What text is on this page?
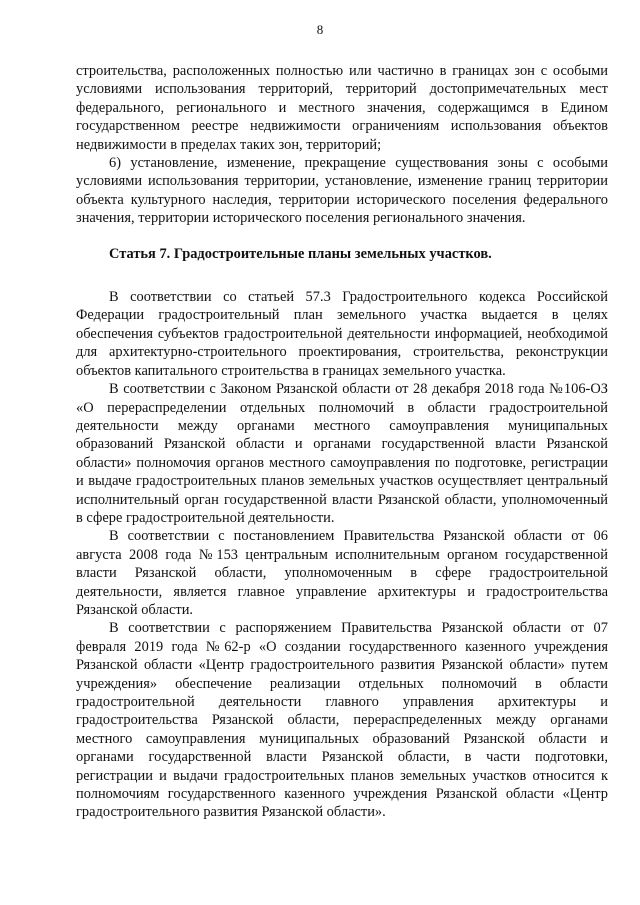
8

строительства, расположенных полностью или частично в границах зон с особыми условиями использования территорий, территорий достопримечательных мест федерального, регионального и местного значения, содержащимся в Едином государственном реестре недвижимости ограничениям использования объектов недвижимости в пределах таких зон, территорий;

6) установление, изменение, прекращение существования зоны с особыми условиями использования территории, установление, изменение границ территории объекта культурного наследия, территории исторического поселения федерального значения, территории исторического поселения регионального значения.

Статья 7. Градостроительные планы земельных участков.

В соответствии со статьей 57.3 Градостроительного кодекса Российской Федерации градостроительный план земельного участка выдается в целях обеспечения субъектов градостроительной деятельности информацией, необходимой для архитектурно-строительного проектирования, строительства, реконструкции объектов капитального строительства в границах земельного участка.

В соответствии с Законом Рязанской области от 28 декабря 2018 года №106-ОЗ «О перераспределении отдельных полномочий в области градостроительной деятельности между органами местного самоуправления муниципальных образований Рязанской области и органами государственной власти Рязанской области» полномочия органов местного самоуправления по подготовке, регистрации и выдаче градостроительных планов земельных участков осуществляет центральный исполнительный орган государственной власти Рязанской области, уполномоченный в сфере градостроительной деятельности.

В соответствии с постановлением Правительства Рязанской области от 06 августа 2008 года №153 центральным исполнительным органом государственной власти Рязанской области, уполномоченным в сфере градостроительной деятельности, является главное управление архитектуры и градостроительства Рязанской области.

В соответствии с распоряжением Правительства Рязанской области от 07 февраля 2019 года №62-р «О создании государственного казенного учреждения Рязанской области «Центр градостроительного развития Рязанской области» путем учреждения» обеспечение реализации отдельных полномочий в области градостроительной деятельности главного управления архитектуры и градостроительства Рязанской области, перераспределенных между органами местного самоуправления муниципальных образований Рязанской области и органами государственной власти Рязанской области, в части подготовки, регистрации и выдачи градостроительных планов земельных участков относится к полномочиям государственного казенного учреждения Рязанской области «Центр градостроительного развития Рязанской области».
